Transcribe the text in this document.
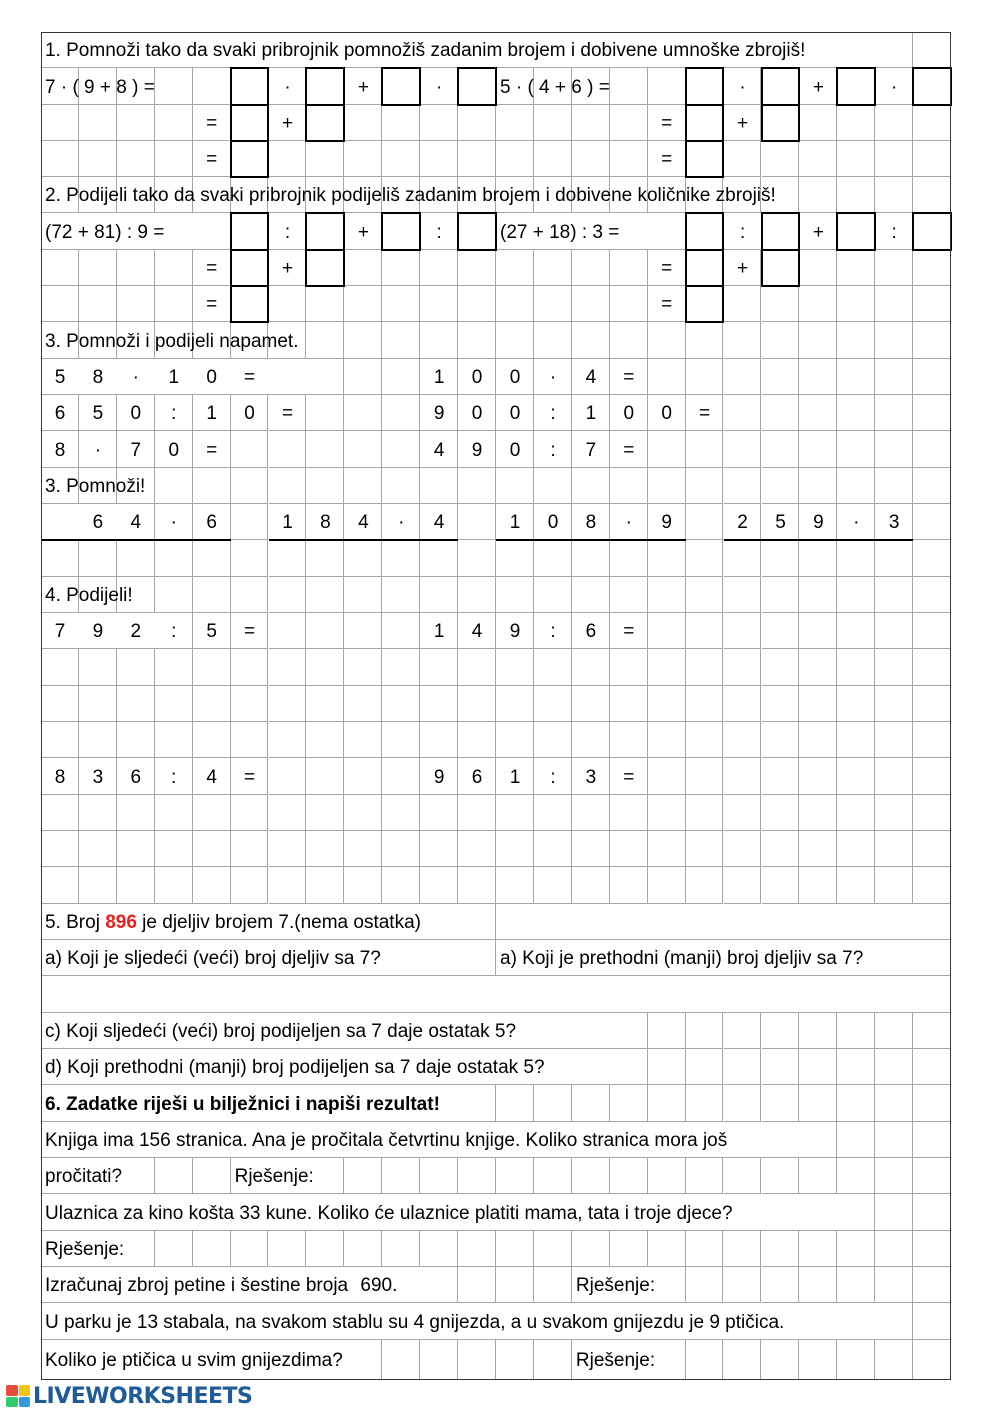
1. Pomnoži tako da svaki pribrojnik pomnožiš zadanim brojem i dobivene umnoške zbrojiš!
7 · ( 9 + 8 ) =	5 · ( 4 + 6 ) =
·	+	·	·	+	·
=	+	=	+
=	=
2. Podijeli tako da svaki pribrojnik podijeliš zadanim brojem i dobivene količnike zbrojiš!
(72 + 81) : 9 =	(27 + 18) : 3 =
:	+	:	:	+	:
=	+	=	+
=	=
3. Pomnoži i podijeli napamet.
5	8	·	1	0	=	1	0	0	·	4	=
6	5	0	:	1	0	=	9	0	0	:	1	0	0	=
8	·	7	0	=	4	9	0	:	7	=
3. Pomnoži!
6	4	·	6	1	8	4	·	4	1	0	8	·	9	2	5	9	·	3
4. Podijeli!
7	9	2	:	5	=	1	4	9	:	6	=
8	3	6	:	4	=	9	6	1	:	3	=
5. Broj 896 je djeljiv brojem 7.(nema ostatka)
a) Koji je sljedeći (veći) broj djeljiv sa 7?	a) Koji je prethodni (manji) broj djeljiv sa 7?
c) Koji sljedeći (veći) broj podijeljen sa 7 daje ostatak 5?
d) Koji prethodni (manji) broj podijeljen sa 7 daje ostatak 5?
6. Zadatke riješi u bilježnici i napiši rezultat!
Knjiga ima 156 stranica. Ana je pročitala četvrtinu knjige. Koliko stranica mora još
pročitati?	Rješenje:
Ulaznica za kino košta 33 kune. Koliko će ulaznice platiti mama, tata i troje djece?
Rješenje:
Izračunaj zbroj petine i šestine broja 690.	Rješenje:
U parku je 13 stabala, na svakom stablu su 4 gnijezda, a u svakom gnijezdu je 9 ptičica.
Koliko je ptičica u svim gnijezdima?	Rješenje:
LIVEWORKSHEETS
